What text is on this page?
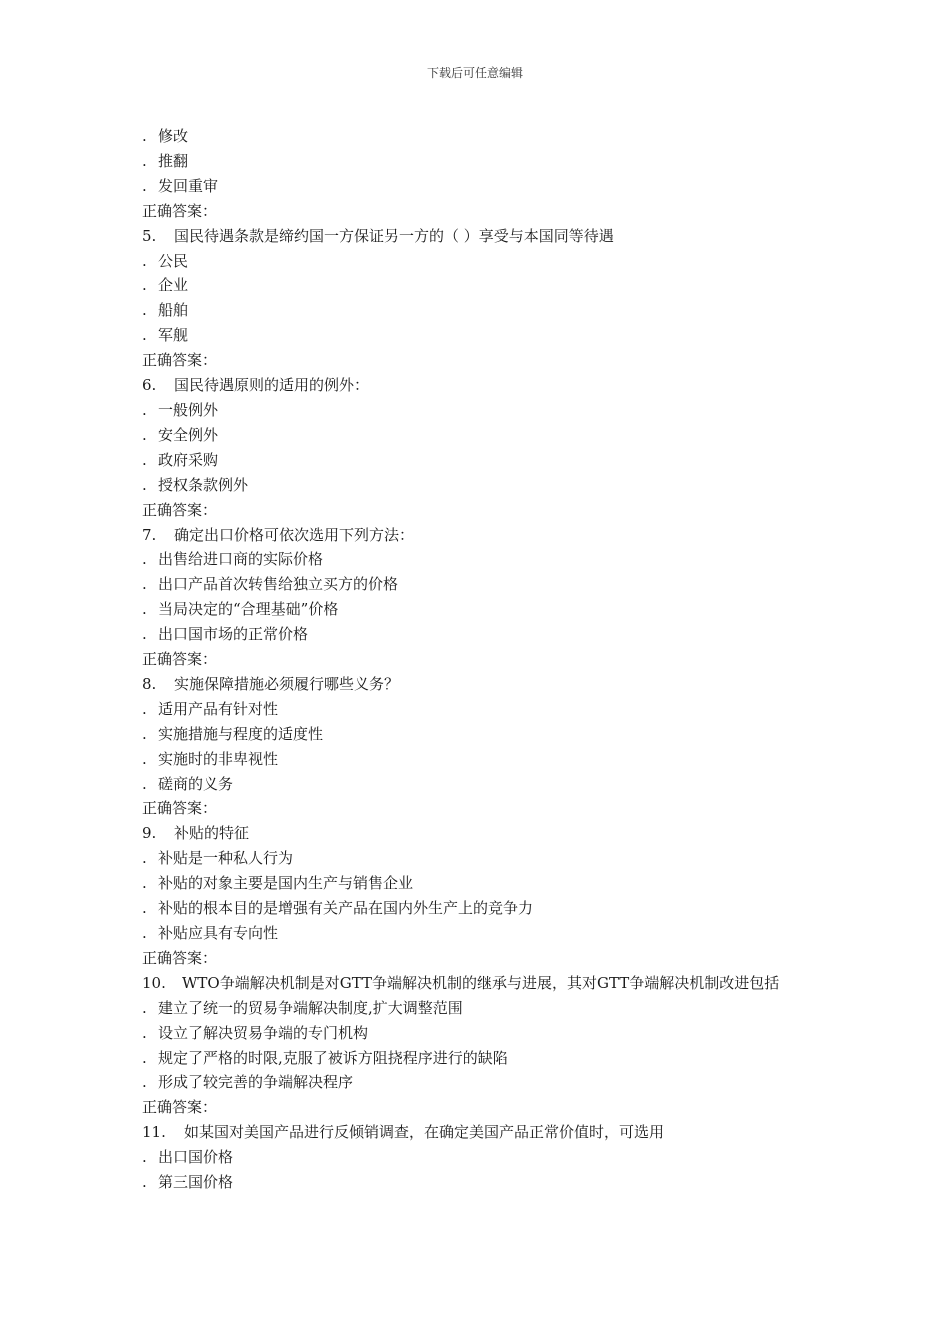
下载后可任意编辑
. 修改
. 推翻
. 发回重审
正确答案：
5. 国民待遇条款是缔约国一方保证另一方的（ ）享受与本国同等待遇
. 公民
. 企业
. 船舶
. 军舰
正确答案：
6. 国民待遇原则的适用的例外：
. 一般例外
. 安全例外
. 政府采购
. 授权条款例外
正确答案：
7. 确定出口价格可依次选用下列方法：
. 出售给进口商的实际价格
. 出口产品首次转售给独立买方的价格
. 当局决定的“合理基础”价格
. 出口国市场的正常价格
正确答案：
8. 实施保障措施必须履行哪些义务？
. 适用产品有针对性
. 实施措施与程度的适度性
. 实施时的非卑视性
. 磋商的义务
正确答案：
9. 补贴的特征
. 补贴是一种私人行为
. 补贴的对象主要是国内生产与销售企业
. 补贴的根本目的是增强有关产品在国内外生产上的竞争力
. 补贴应具有专向性
正确答案：
10. WTO争端解决机制是对GTT争端解决机制的继承与进展，其对GTT争端解决机制改进包括
. 建立了统一的贸易争端解决制度,扩大调整范围
. 设立了解决贸易争端的专门机构
. 规定了严格的时限,克服了被诉方阻挠程序进行的缺陷
. 形成了较完善的争端解决程序
正确答案：
11. 如某国对美国产品进行反倾销调查，在确定美国产品正常价值时，可选用
. 出口国价格
. 第三国价格
